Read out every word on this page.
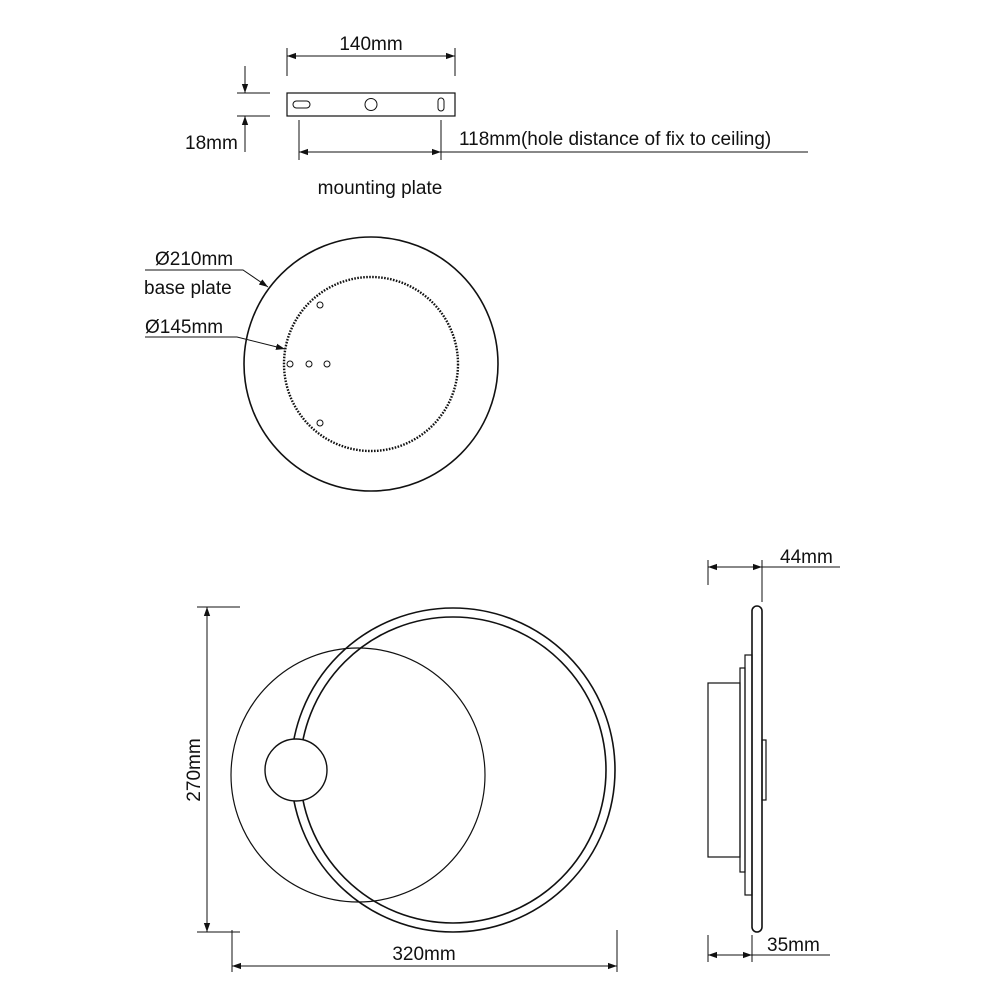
140mm
18mm	118mm(hole distance of fix to ceiling)
mounting plate
Ø210mm
base plate
Ø145mm
270mm
320mm
44mm
35mm
